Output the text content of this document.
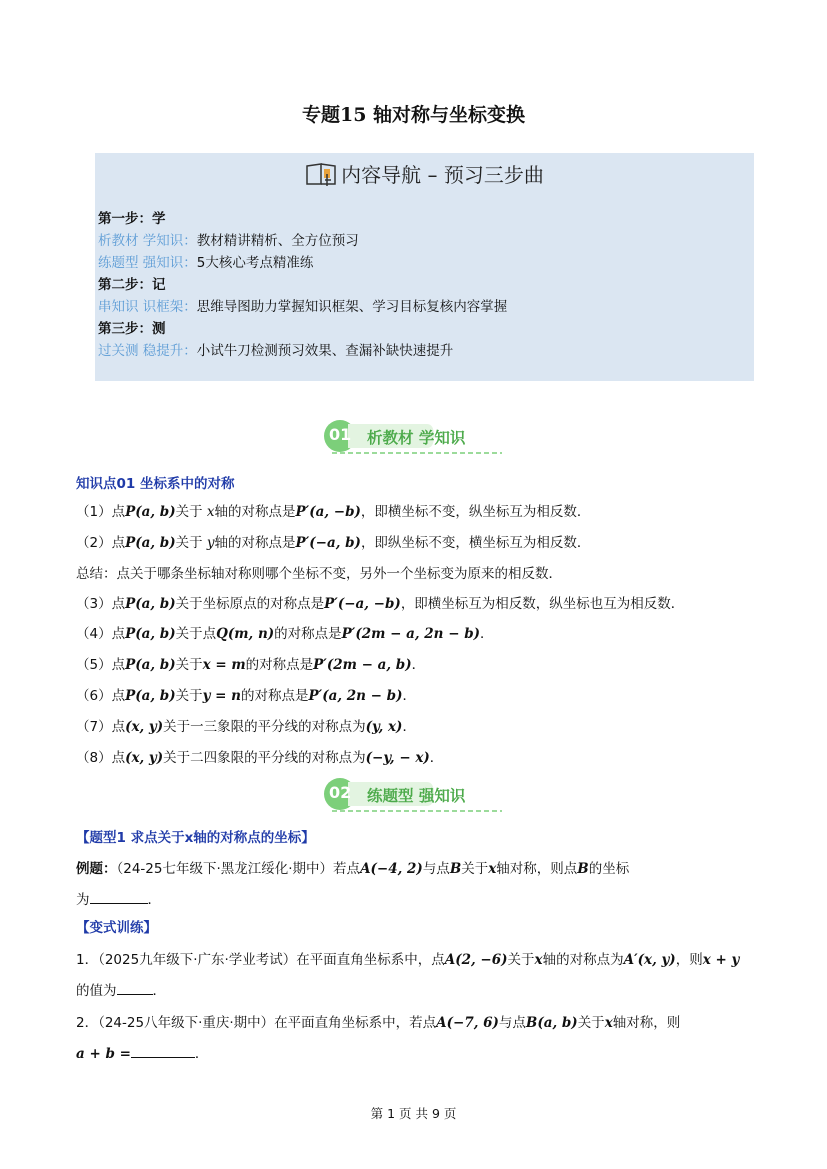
专题15 轴对称与坐标变换
内容导航 – 预习三步曲
第一步：学
析教材 学知识：教材精讲精析、全方位预习
练题型 强知识：5大核心考点精准练
第二步：记
串知识 识框架：思维导图助力掌握知识框架、学习目标复核内容掌握
第三步：测
过关测 稳提升：小试牛刀检测预习效果、查漏补缺快速提升
01 析教材 学知识
知识点01 坐标系中的对称
（1）点P(a, b)关于 x轴的对称点是P′(a, −b)，即横坐标不变，纵坐标互为相反数．
（2）点P(a, b)关于 y轴的对称点是P′(−a, b)，即纵坐标不变，横坐标互为相反数．
总结：点关于哪条坐标轴对称则哪个坐标不变，另外一个坐标变为原来的相反数．
（3）点P(a, b)关于坐标原点的对称点是P′(−a, −b)，即横坐标互为相反数，纵坐标也互为相反数．
（4）点P(a, b)关于点Q(m, n)的对称点是P′(2m − a, 2n − b)．
（5）点P(a, b)关于x = m的对称点是P′(2m − a, b)．
（6）点P(a, b)关于y = n的对称点是P′(a, 2n − b)．
（7）点(x, y)关于一三象限的平分线的对称点为(y, x)．
（8）点(x, y)关于二四象限的平分线的对称点为(−y, − x)．
02 练题型 强知识
【题型1 求点关于x轴的对称点的坐标】
例题：（24-25七年级下·黑龙江绥化·期中）若点A(−4, 2)与点B关于x轴对称，则点B的坐标
为	．
【变式训练】
1．（2025九年级下·广东·学业考试）在平面直角坐标系中，点A(2, −6)关于x轴的对称点为A′(x, y)，则x + y
的值为	．
2．（24-25八年级下·重庆·期中）在平面直角坐标系中，若点A(−7, 6)与点B(a, b)关于x轴对称，则
a + b =	．
第 1 页 共 9 页
